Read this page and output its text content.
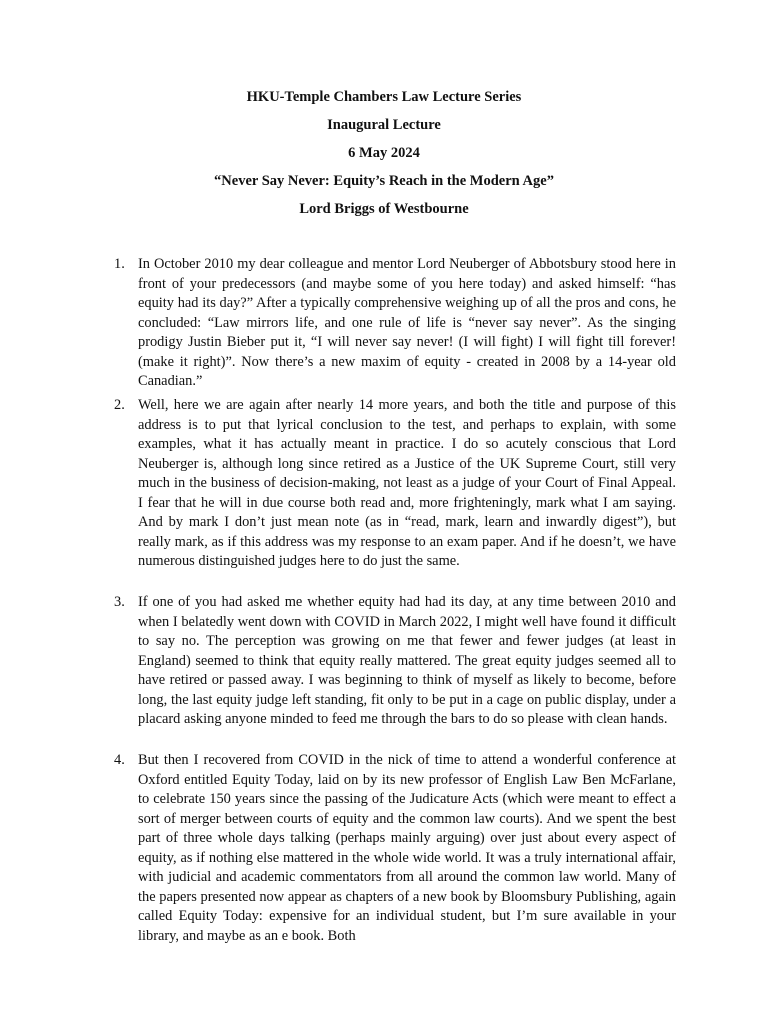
HKU-Temple Chambers Law Lecture Series
Inaugural Lecture
6 May 2024
“Never Say Never: Equity’s Reach in the Modern Age”
Lord Briggs of Westbourne
1. In October 2010 my dear colleague and mentor Lord Neuberger of Abbotsbury stood here in front of your predecessors (and maybe some of you here today) and asked himself: “has equity had its day?” After a typically comprehensive weighing up of all the pros and cons, he concluded: “Law mirrors life, and one rule of life is “never say never”. As the singing prodigy Justin Bieber put it, “I will never say never! (I will fight) I will fight till forever! (make it right)”. Now there’s a new maxim of equity - created in 2008 by a 14-year old Canadian.”
2. Well, here we are again after nearly 14 more years, and both the title and purpose of this address is to put that lyrical conclusion to the test, and perhaps to explain, with some examples, what it has actually meant in practice. I do so acutely conscious that Lord Neuberger is, although long since retired as a Justice of the UK Supreme Court, still very much in the business of decision-making, not least as a judge of your Court of Final Appeal. I fear that he will in due course both read and, more frighteningly, mark what I am saying. And by mark I don’t just mean note (as in “read, mark, learn and inwardly digest”), but really mark, as if this address was my response to an exam paper. And if he doesn’t, we have numerous distinguished judges here to do just the same.
3. If one of you had asked me whether equity had had its day, at any time between 2010 and when I belatedly went down with COVID in March 2022, I might well have found it difficult to say no. The perception was growing on me that fewer and fewer judges (at least in England) seemed to think that equity really mattered. The great equity judges seemed all to have retired or passed away. I was beginning to think of myself as likely to become, before long, the last equity judge left standing, fit only to be put in a cage on public display, under a placard asking anyone minded to feed me through the bars to do so please with clean hands.
4. But then I recovered from COVID in the nick of time to attend a wonderful conference at Oxford entitled Equity Today, laid on by its new professor of English Law Ben McFarlane, to celebrate 150 years since the passing of the Judicature Acts (which were meant to effect a sort of merger between courts of equity and the common law courts). And we spent the best part of three whole days talking (perhaps mainly arguing) over just about every aspect of equity, as if nothing else mattered in the whole wide world. It was a truly international affair, with judicial and academic commentators from all around the common law world. Many of the papers presented now appear as chapters of a new book by Bloomsbury Publishing, again called Equity Today: expensive for an individual student, but I’m sure available in your library, and maybe as an e book. Both
